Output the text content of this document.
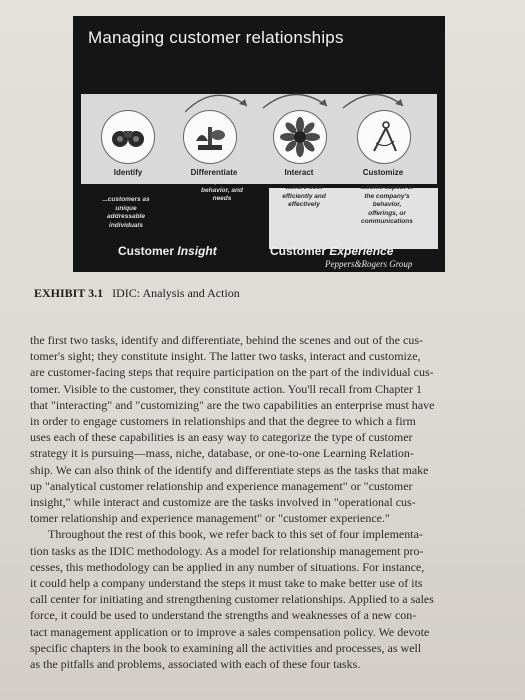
Managing customer relationships
Identify	Differentiate	Interact	Customize
...customers as
unique
addressable
individuals
...by value,
behavior, and
needs
...more cost
efficiently and
effectively
...some aspect of
the company's
behavior,
offerings, or
communications
Customer Insight	Customer Experience
Peppers&Rogers Group
EXHIBIT 3.1 IDIC: Analysis and Action
the first two tasks, identify and differentiate, behind the scenes and out of the cus-
tomer's sight; they constitute insight. The latter two tasks, interact and customize,
are customer-facing steps that require participation on the part of the individual cus-
tomer. Visible to the customer, they constitute action. You'll recall from Chapter 1
that "interacting" and "customizing" are the two capabilities an enterprise must have
in order to engage customers in relationships and that the degree to which a firm
uses each of these capabilities is an easy way to categorize the type of customer
strategy it is pursuing—mass, niche, database, or one-to-one Learning Relation-
ship. We can also think of the identify and differentiate steps as the tasks that make
up "analytical customer relationship and experience management" or "customer
insight," while interact and customize are the tasks involved in "operational cus-
tomer relationship and experience management" or "customer experience."
Throughout the rest of this book, we refer back to this set of four implementa-
tion tasks as the IDIC methodology. As a model for relationship management pro-
cesses, this methodology can be applied in any number of situations. For instance,
it could help a company understand the steps it must take to make better use of its
call center for initiating and strengthening customer relationships. Applied to a sales
force, it could be used to understand the strengths and weaknesses of a new con-
tact management application or to improve a sales compensation policy. We devote
specific chapters in the book to examining all the activities and processes, as well
as the pitfalls and problems, associated with each of these four tasks.
